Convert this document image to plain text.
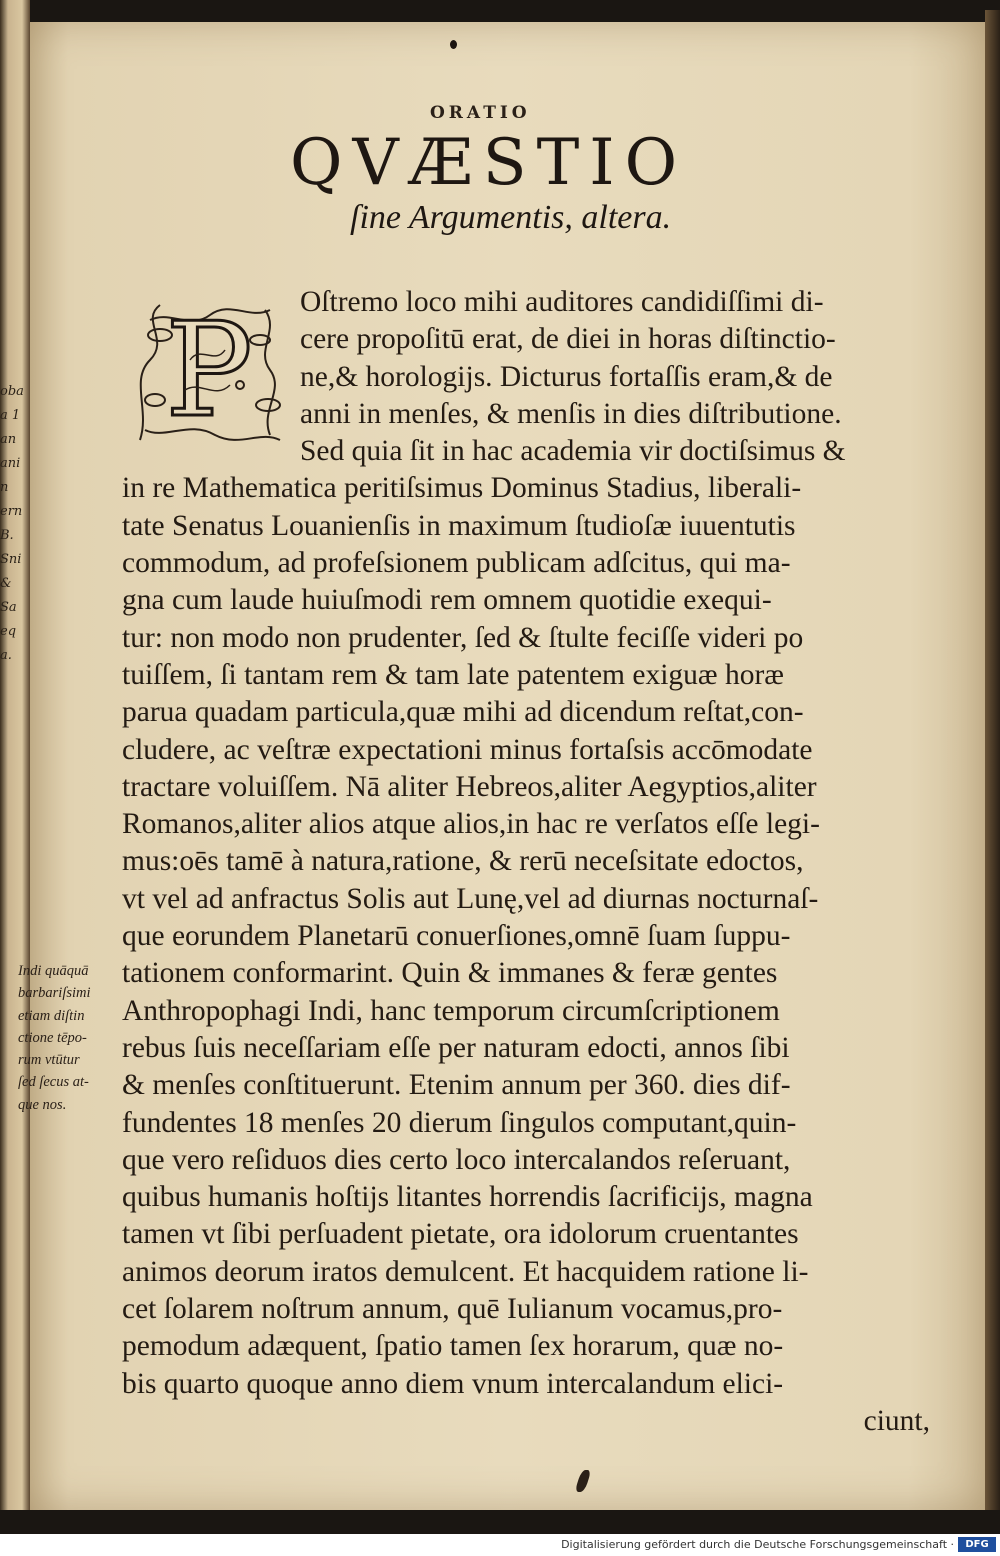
oba
a 1
an
ani
n
ern
B.
Sni
&
Sa
eq
a.
ORATIO
QVÆSTIO
ſine Argumentis, altera.
P	Oſtremo loco mihi auditores candidiſſimi di-
cere propoſitū erat, de diei in horas diſtinctio-
ne,& horologijs. Dicturus fortaſſis eram,& de
anni in menſes, & menſis in dies diſtributione.
Sed quia ſit in hac academia vir doctiſsimus &
in re Mathematica peritiſsimus Dominus Stadius, liberali-
tate Senatus Louanienſis in maximum ſtudioſæ iuuentutis
commodum, ad profeſsionem publicam adſcitus, qui ma-
gna cum laude huiuſmodi rem omnem quotidie exequi-
tur: non modo non prudenter, ſed & ſtulte feciſſe videri po
tuiſſem, ſi tantam rem & tam late patentem exiguæ horæ
parua quadam particula,quæ mihi ad dicendum reſtat,con-
cludere, ac veſtræ expectationi minus fortaſsis accōmodate
tractare voluiſſem. Nā aliter Hebreos,aliter Aegyptios,aliter
Romanos,aliter alios atque alios,in hac re verſatos eſſe legi-
mus:oēs tamē à natura,ratione, & rerū neceſsitate edoctos,
vt vel ad anfractus Solis aut Lunę,vel ad diurnas nocturnaſ-
que eorundem Planetarū conuerſiones,omnē ſuam ſuppu-
tationem conformarint. Quin & immanes & feræ gentes
Anthropophagi Indi, hanc temporum circumſcriptionem
rebus ſuis neceſſariam eſſe per naturam edocti, annos ſibi
& menſes conſtituerunt. Etenim annum per 360. dies dif-
fundentes 18 menſes 20 dierum ſingulos computant,quin-
que vero reſiduos dies certo loco intercalandos reſeruant,
quibus humanis hoſtijs litantes horrendis ſacrificijs, magna
tamen vt ſibi perſuadent pietate, ora idolorum cruentantes
animos deorum iratos demulcent. Et hacquidem ratione li-
cet ſolarem noſtrum annum, quē Iulianum vocamus,pro-
pemodum adæquent, ſpatio tamen ſex horarum, quæ no-
bis quarto quoque anno diem vnum intercalandum elici-
ciunt,
Indi quāquā
barbariſsimi
etiam diſtin
ctione tēpo-
rum vtūtur
ſed ſecus at-
que nos.
Digitalisierung gefördert durch die Deutsche Forschungsgemeinschaft ·	DFG
